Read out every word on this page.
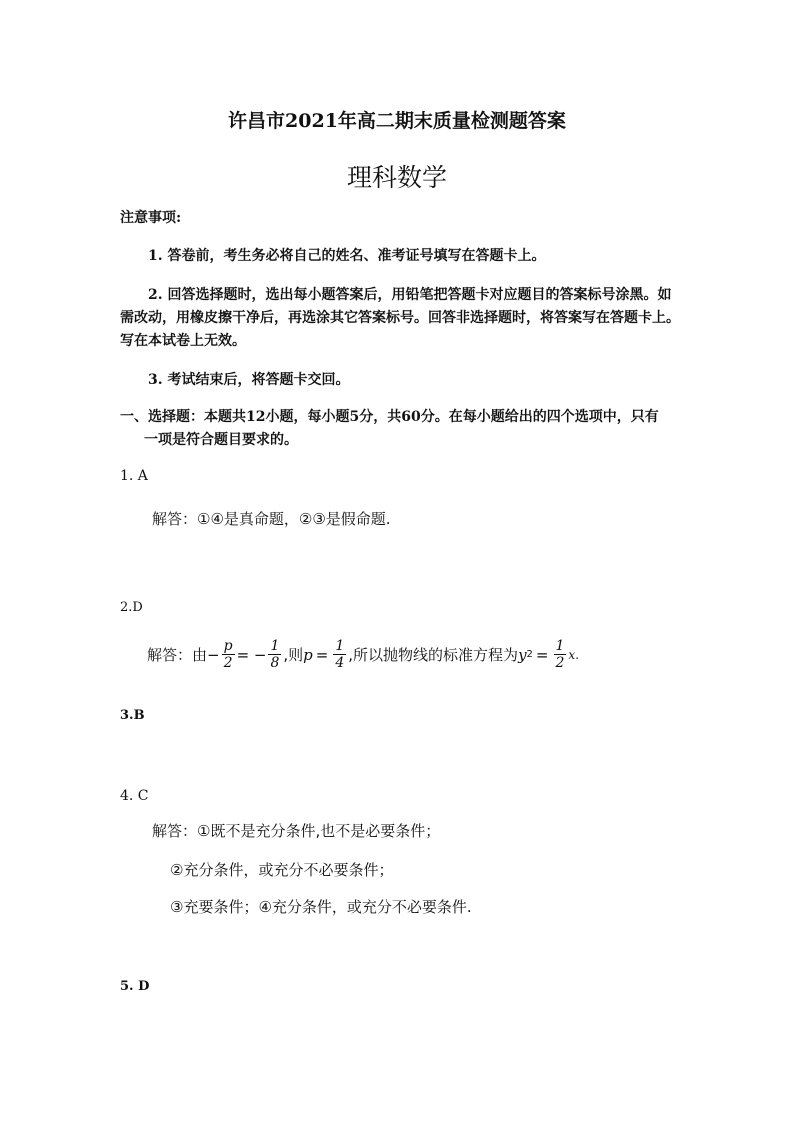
许昌市2021年高二期末质量检测题答案
理科数学
注意事项:
1. 答卷前，考生务必将自己的姓名、准考证号填写在答题卡上。
2. 回答选择题时，选出每小题答案后，用铅笔把答题卡对应题目的答案标号涂黑。如
需改动，用橡皮擦干净后，再选涂其它答案标号。回答非选择题时，将答案写在答题卡上。
写在本试卷上无效。
3. 考试结束后，将答题卡交回。
一、选择题：本题共12小题，每小题5分，共60分。在每小题给出的四个选项中，只有
一项是符合题目要求的。
1. A
解答：①④是真命题，②③是假命题.
2.D
解答：由 − $\frac{p}{2}$ = − $\frac{1}{8}$ ,则 $p = \frac{1}{4}$ ,所以抛物线的标准方程为 y $2 = \frac{1}{2} x$.
3.B
4. C
解答：①既不是充分条件,也不是必要条件；
②充分条件，或充分不必要条件；
③充要条件；④充分条件，或充分不必要条件.
5. D
